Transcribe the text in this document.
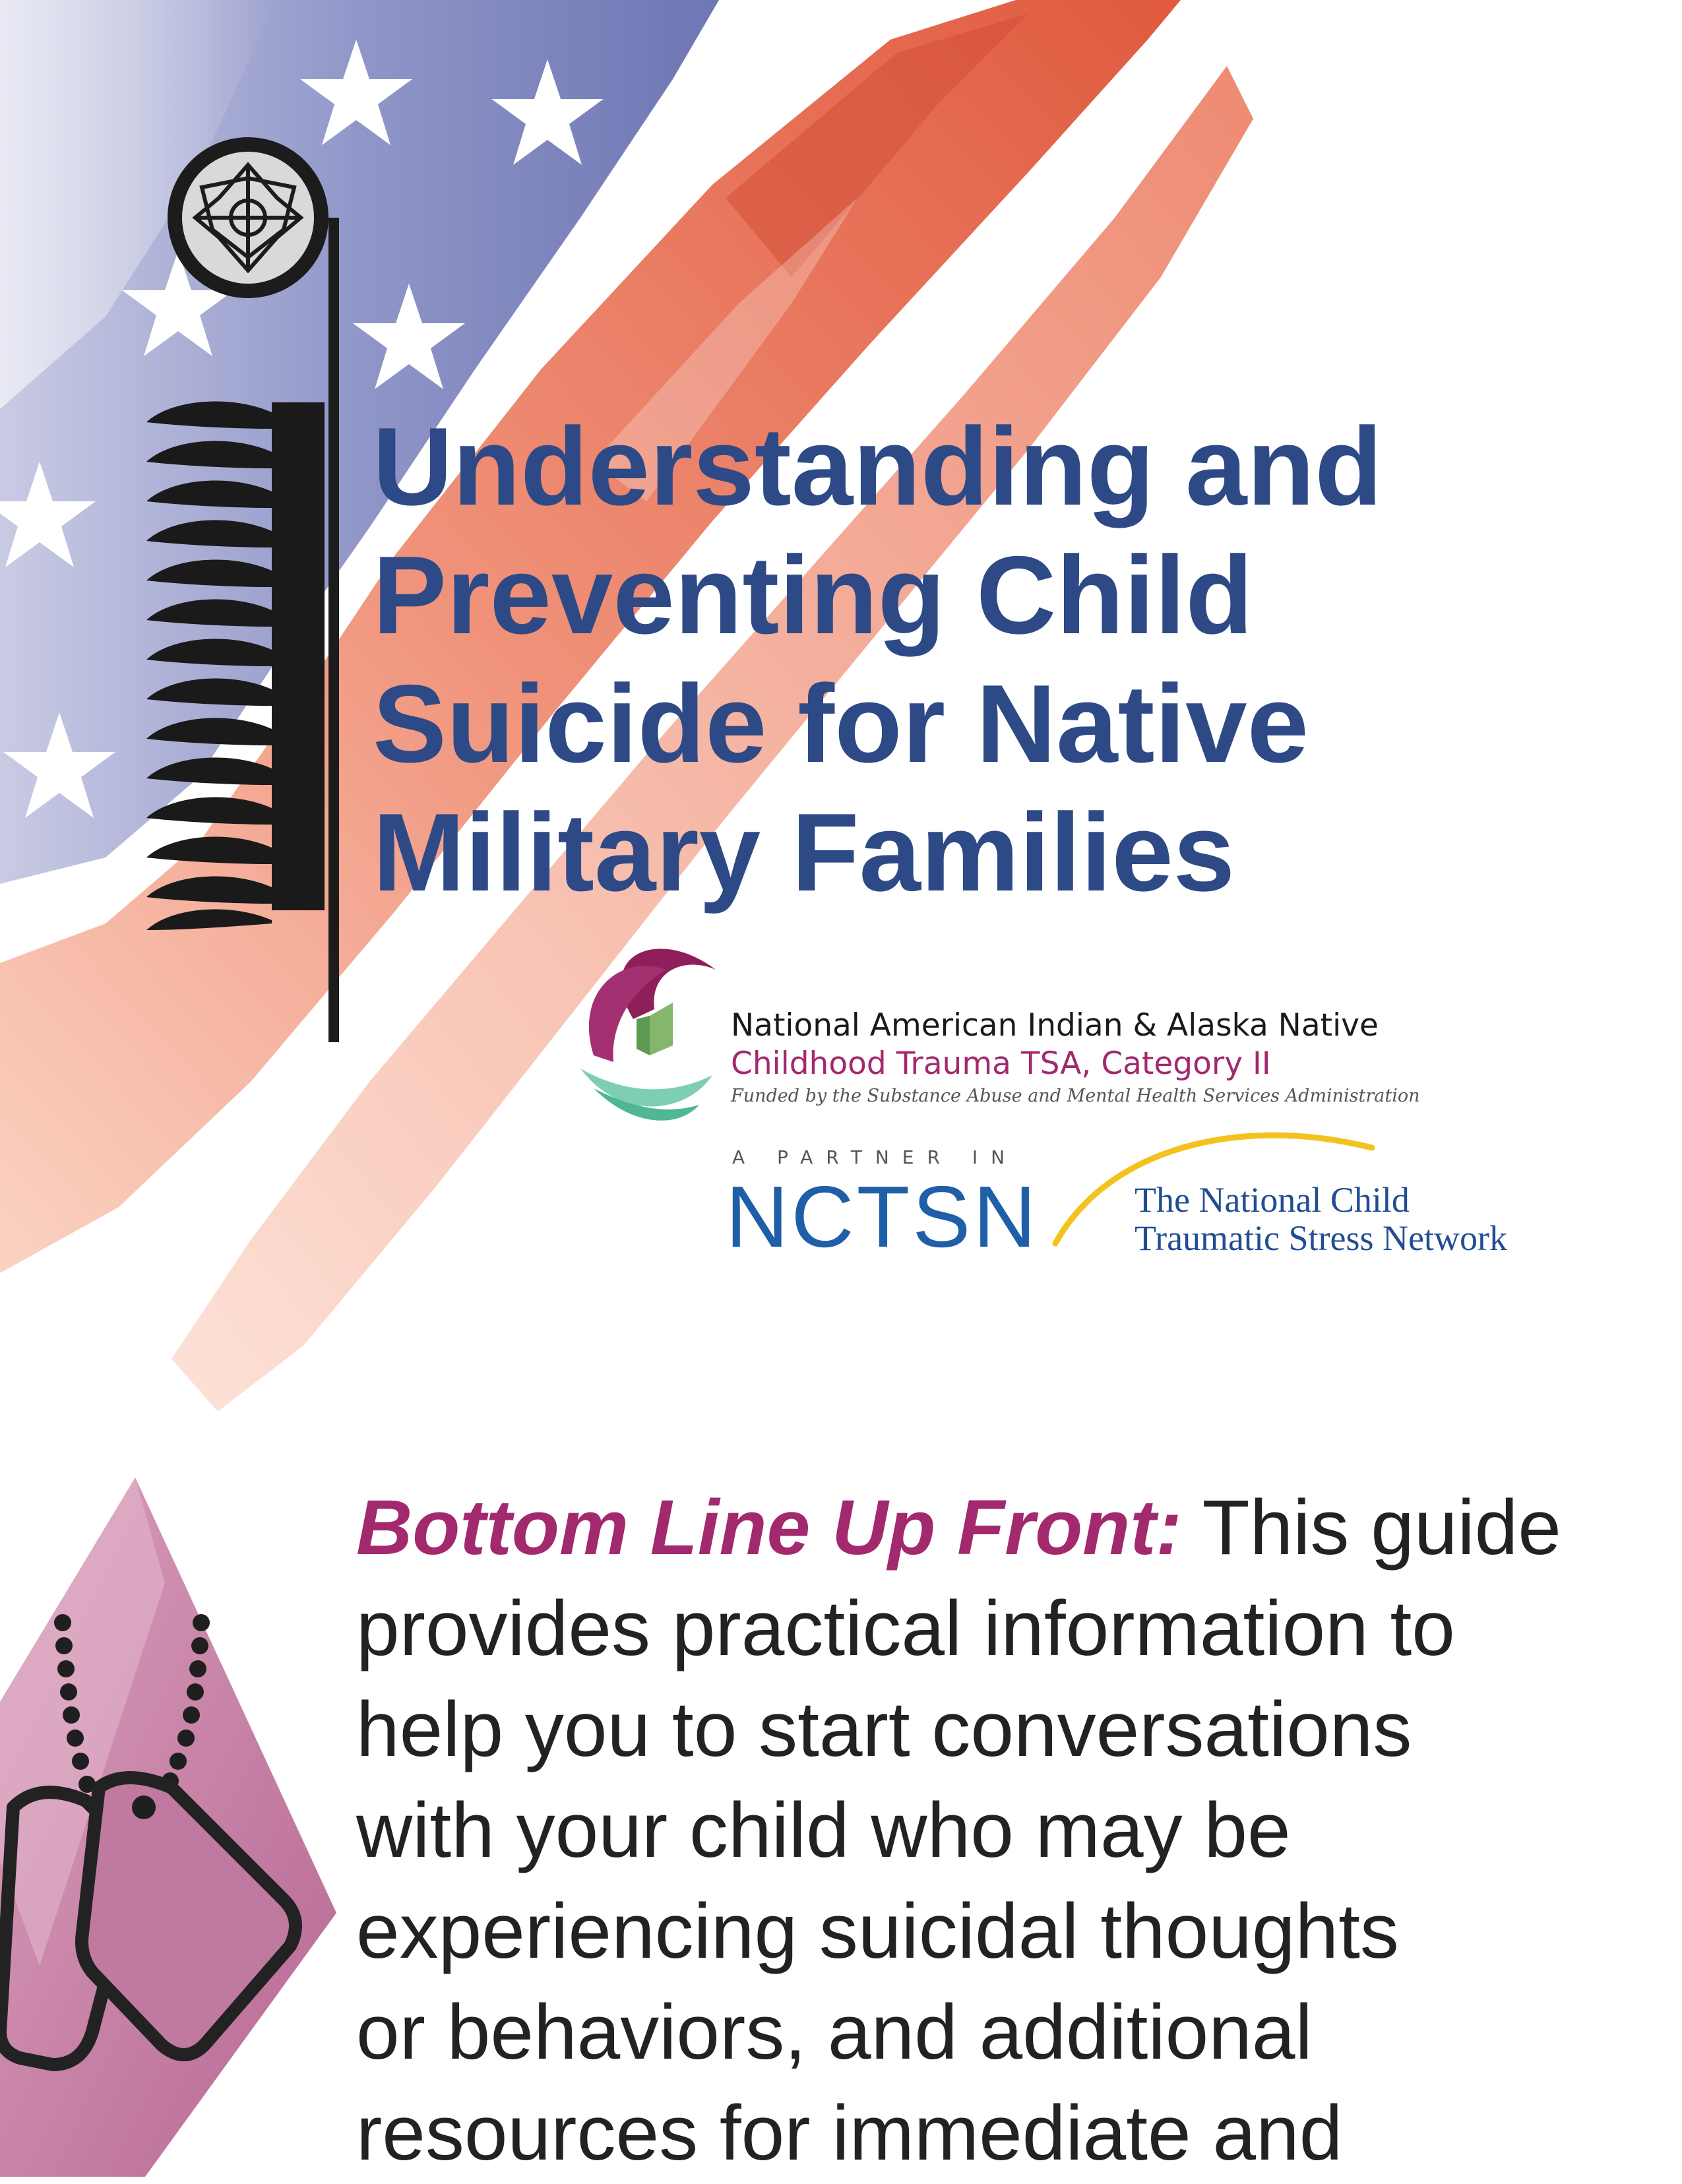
Understanding and
Preventing Child
Suicide for Native
Military Families
National American Indian & Alaska Native
Childhood Trauma TSA, Category II
Funded by the Substance Abuse and Mental Health Services Administration
A PARTNER IN
NCTSN	The National Child
Traumatic Stress Network
Bottom Line Up Front: This guide
provides practical information to
help you to start conversations
with your child who may be
experiencing suicidal thoughts
or behaviors, and additional
resources for immediate and
